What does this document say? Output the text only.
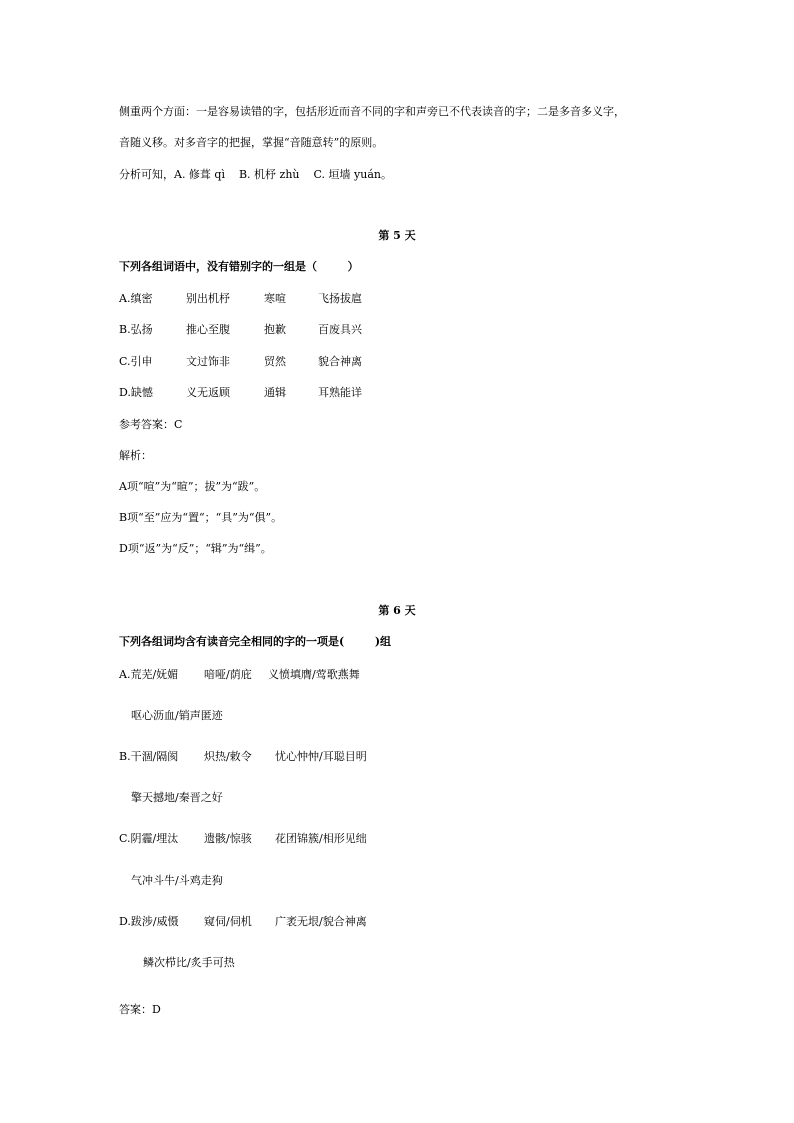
侧重两个方面：一是容易读错的字，包括形近而音不同的字和声旁已不代表读音的字；二是多音多义字，
音随义移。对多音字的把握，掌握“音随意转”的原则。
分析可知，A. 修葺 qì    B. 机杼 zhù    C. 垣墙 yuán。
第 5 天
下列各组词语中，没有错别字的一组是（        ）
A.缜密	别出机杼	寒喧	飞扬拔扈
B.弘扬	推心至腹	抱歉	百废具兴
C.引申	文过饰非	贸然	貌合神离
D.缺憾	义无返顾	通辑	耳熟能详
参考答案：C
解析：
A项“喧”为“暄”；拔”为“跋”。
B项“至”应为“置“；“具”为“俱”。
D项“返”为“反”；“辑”为“缉”。
第 6 天
下列各组词均含有读音完全相同的字的一项是(        )组
A.荒芜/妩媚 喑哑/荫庇 义愤填膺/莺歌燕舞
呕心沥血/销声匿迹
B.干涸/隔阂 炽热/敕令 忧心忡忡/耳聪目明
擎天撼地/秦晋之好
C.阴霾/埋汰 遗骸/惊骇 花团锦簇/相形见绌
气冲斗牛/斗鸡走狗
D.跋涉/威慑 窥伺/伺机 广袤无垠/貌合神离
鳞次栉比/炙手可热
答案：D
